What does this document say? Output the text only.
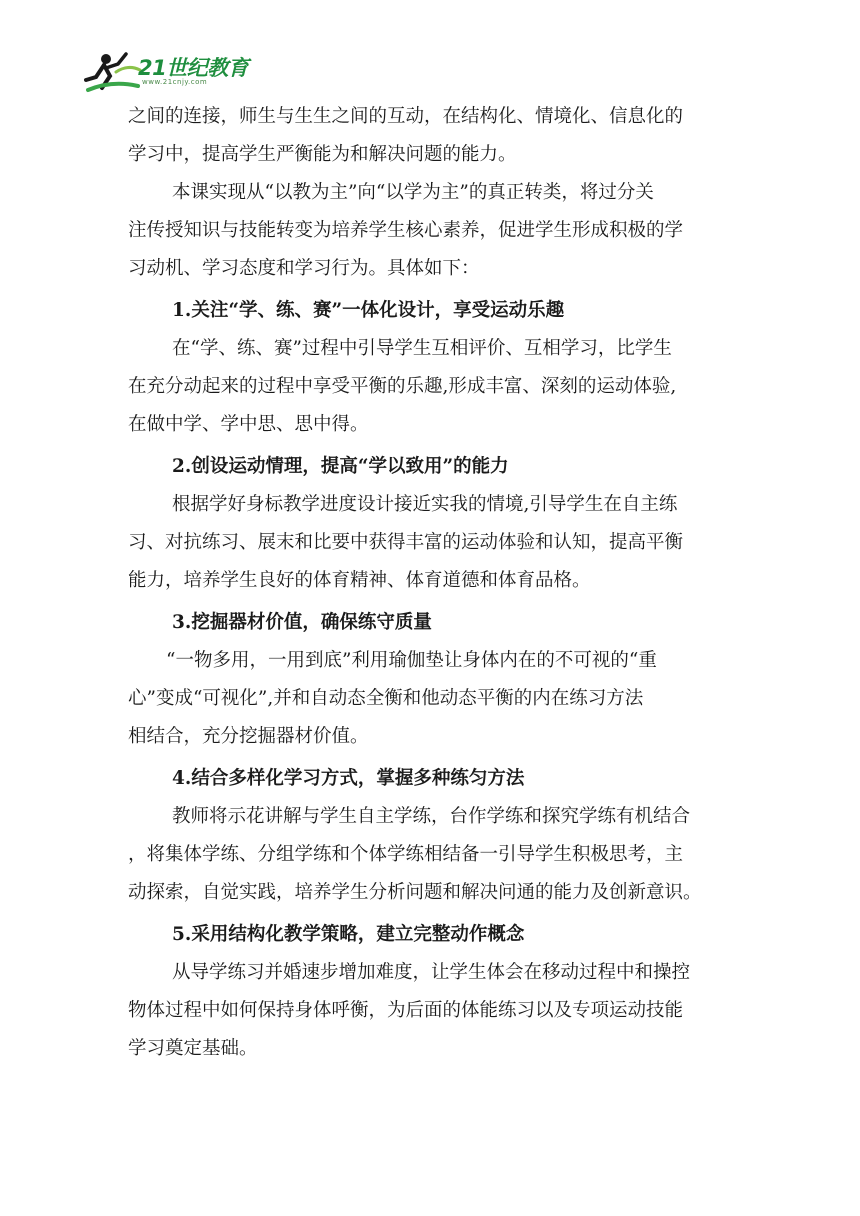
21世纪教育
www.21cnjy.com
之间的连接，师生与生生之间的互动，在结构化、情境化、信息化的
学习中，提高学生严衡能为和解决问题的能力。
本课实现从“以教为主”向“以学为主”的真正转类，将过分关
注传授知识与技能转变为培养学生核心素养，促进学生形成积极的学
习动机、学习态度和学习行为。具体如下：
1.关注“学、练、赛”一体化设计，享受运动乐趣
在“学、练、赛”过程中引导学生互相评价、互相学习，比学生
在充分动起来的过程中享受平衡的乐趣,形成丰富、深刻的运动体验,
在做中学、学中思、思中得。
2.创设运动情理，提高“学以致用”的能力
根据学好身标教学进度设计接近实我的情境,引导学生在自主练
习、对抗练习、展末和比要中获得丰富的运动体验和认知，提高平衡
能力，培养学生良好的体育精神、体育道德和体育品格。
3.挖掘器材价值，确保练守质量
“一物多用，一用到底”利用瑜伽垫让身体内在的不可视的“重
心”变成“可视化”,并和自动态全衡和他动态平衡的内在练习方法
相结合，充分挖掘器材价值。
4.结合多样化学习方式，掌握多种练匀方法
教师将示花讲解与学生自主学练，台作学练和探究学练有机结合
，将集体学练、分组学练和个体学练相结备一引导学生积极思考，主
动探索，自觉实践，培养学生分析问题和解决问通的能力及创新意识。
5.采用结构化教学策略，建立完整动作概念
从导学练习并婚速步增加难度，让学生体会在移动过程中和操控
物体过程中如何保持身体呼衡，为后面的体能练习以及专项运动技能
学习奠定基础。
